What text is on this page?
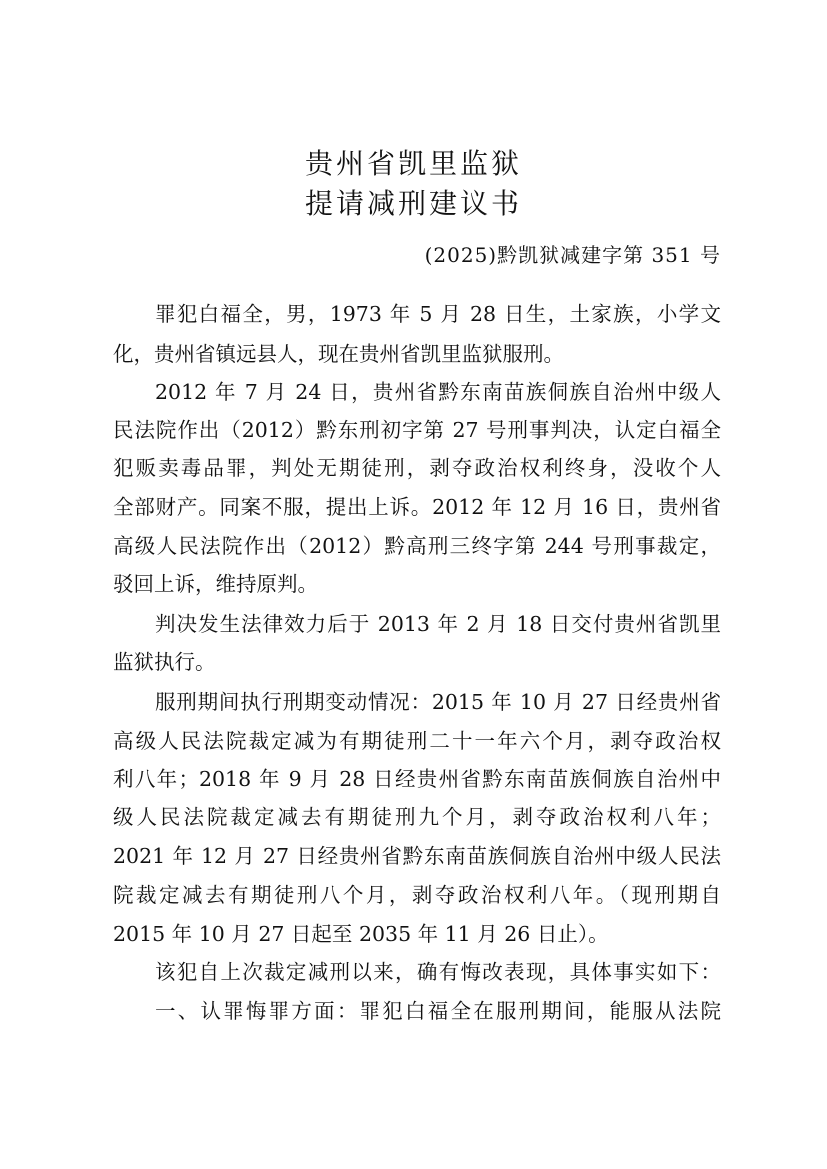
贵州省凯里监狱
提请减刑建议书
(2025)黔凯狱减建字第 351 号
罪犯白福全，男，1973 年 5 月 28 日生，土家族，小学文
化，贵州省镇远县人，现在贵州省凯里监狱服刑。
2012 年 7 月 24 日，贵州省黔东南苗族侗族自治州中级人
民法院作出（2012）黔东刑初字第 27 号刑事判决，认定白福全
犯贩卖毒品罪，判处无期徒刑，剥夺政治权利终身，没收个人
全部财产。同案不服，提出上诉。2012 年 12 月 16 日，贵州省
高级人民法院作出（2012）黔高刑三终字第 244 号刑事裁定，
驳回上诉，维持原判。
判决发生法律效力后于 2013 年 2 月 18 日交付贵州省凯里
监狱执行。
服刑期间执行刑期变动情况：2015 年 10 月 27 日经贵州省
高级人民法院裁定减为有期徒刑二十一年六个月，剥夺政治权
利八年；2018 年 9 月 28 日经贵州省黔东南苗族侗族自治州中
级人民法院裁定减去有期徒刑九个月，剥夺政治权利八年；
2021 年 12 月 27 日经贵州省黔东南苗族侗族自治州中级人民法
院裁定减去有期徒刑八个月，剥夺政治权利八年。（现刑期自
2015 年 10 月 27 日起至 2035 年 11 月 26 日止）。
该犯自上次裁定减刑以来，确有悔改表现，具体事实如下：
一、认罪悔罪方面：罪犯白福全在服刑期间，能服从法院
